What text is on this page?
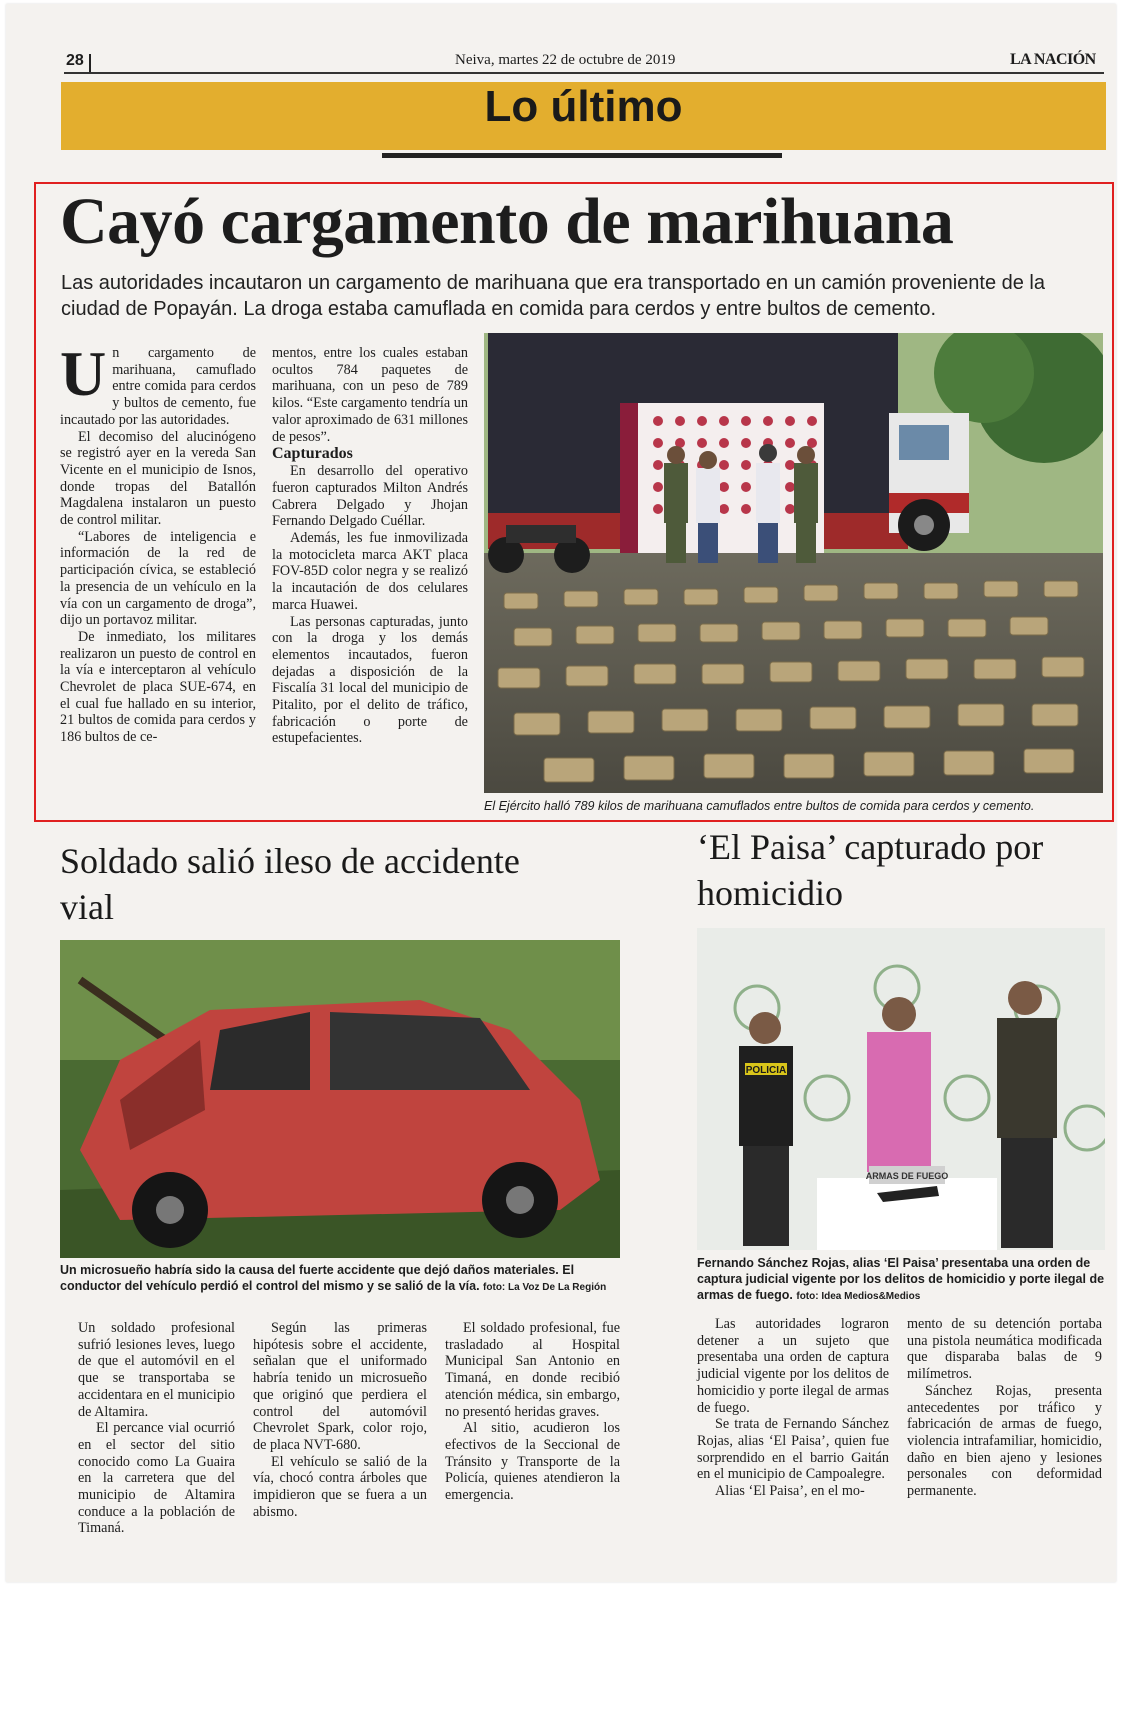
28	Neiva, martes 22 de octubre de 2019	LA NACIÓN
Lo último
Cayó cargamento de marihuana
Las autoridades incautaron un cargamento de marihuana que era transportado en un camión proveniente de la ciudad de Popayán. La droga estaba camuflada en comida para cerdos y entre bultos de cemento.

Un cargamento de marihuana, camuflado entre comida para cerdos y bultos de cemento, fue incautado por las autoridades.

El decomiso del alucinógeno se registró ayer en la vereda San Vicente en el municipio de Isnos, donde tropas del Batallón Magdalena instalaron un puesto de control militar.

“Labores de inteligencia e información de la red de participación cívica, se estableció la presencia de un vehículo en la vía con un cargamento de droga”, dijo un portavoz militar.

De inmediato, los militares realizaron un puesto de control en la vía e interceptaron al vehículo Chevrolet de placa SUE-674, en el cual fue hallado en su interior, 21 bultos de comida para cerdos y 186 bultos de ce-

mentos, entre los cuales estaban ocultos 784 paquetes de marihuana, con un peso de 789 kilos. “Este cargamento tendría un valor aproximado de 631 millones de pesos”.

Capturados

En desarrollo del operativo fueron capturados Milton Andrés Cabrera Delgado y Jhojan Fernando Delgado Cuéllar.

Además, les fue inmovilizada la motocicleta marca AKT placa FOV-85D color negra y se realizó la incautación de dos celulares marca Huawei.

Las personas capturadas, junto con la droga y los demás elementos incautados, fueron dejadas a disposición de la Fiscalía 31 local del municipio de Pitalito, por el delito de tráfico, fabricación o porte de estupefacientes.

El Ejército halló 789 kilos de marihuana camuflados entre bultos de comida para cerdos y cemento.
Soldado salió ileso de accidente vial
Un microsueño habría sido la causa del fuerte accidente que dejó daños materiales. El conductor del vehículo perdió el control del mismo y se salió de la vía. foto: La Voz De La Región

Un soldado profesional sufrió lesiones leves, luego de que el automóvil en el que se transportaba se accidentara en el municipio de Altamira.

El percance vial ocurrió en el sector del sitio conocido como La Guaira en la carretera que del municipio de Altamira conduce a la población de Timaná.

Según las primeras hipótesis sobre el accidente, señalan que el uniformado habría tenido un microsueño que originó que perdiera el control del automóvil Chevrolet Spark, color rojo, de placa NVT-680.

El vehículo se salió de la vía, chocó contra árboles que impidieron que se fuera a un abismo.

El soldado profesional, fue trasladado al Hospital Municipal San Antonio en Timaná, en donde recibió atención médica, sin embargo, no presentó heridas graves.

Al sitio, acudieron los efectivos de la Seccional de Tránsito y Transporte de la Policía, quienes atendieron la emergencia.

‘El Paisa’ capturado por homicidio
POLICIA
ARMAS DE FUEGO
Fernando Sánchez Rojas, alias ‘El Paisa’ presentaba una orden de captura judicial vigente por los delitos de homicidio y porte ilegal de armas de fuego. foto: Idea Medios&Medios

Las autoridades lograron detener a un sujeto que presentaba una orden de captura judicial vigente por los delitos de homicidio y porte ilegal de armas de fuego.

Se trata de Fernando Sánchez Rojas, alias ‘El Paisa’, quien fue sorprendido en el barrio Gaitán en el municipio de Campoalegre.

Alias ‘El Paisa’, en el mo-

mento de su detención portaba una pistola neumática modificada que disparaba balas de 9 milímetros.

Sánchez Rojas, presenta antecedentes por tráfico y fabricación de armas de fuego, violencia intrafamiliar, homicidio, daño en bien ajeno y lesiones personales con deformidad permanente.
